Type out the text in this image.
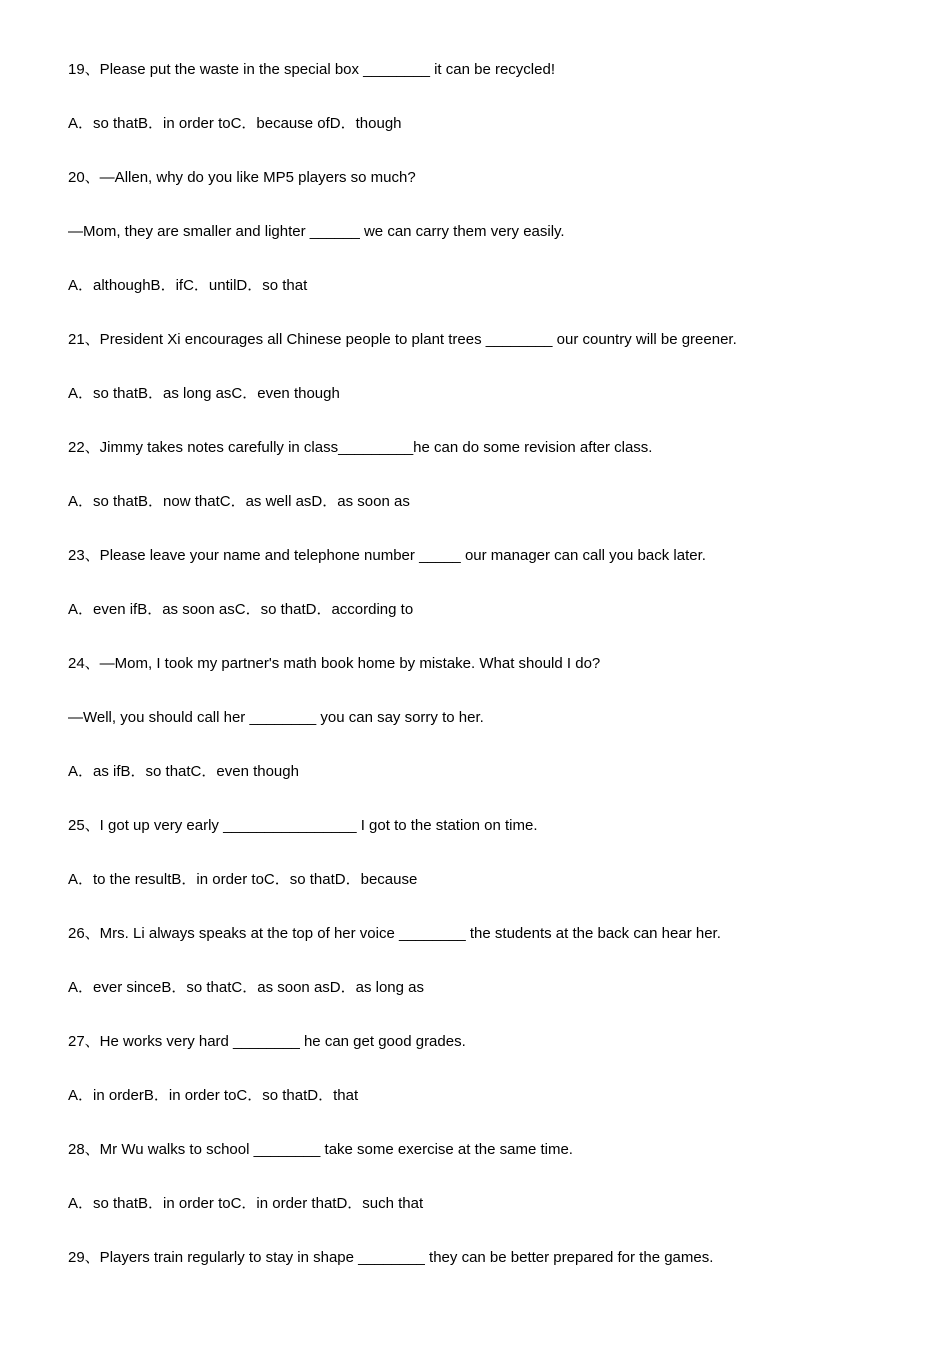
19、Please put the waste in the special box ________ it can be recycled!
A．so thatB．in order toC．because ofD．though
20、—Allen, why do you like MP5 players so much?
—Mom, they are smaller and lighter ______ we can carry them very easily.
A．althoughB．ifC．untilD．so that
21、President Xi encourages all Chinese people to plant trees ________ our country will be greener.
A．so thatB．as long asC．even though
22、Jimmy takes notes carefully in class_________he can do some revision after class.
A．so thatB．now thatC．as well asD．as soon as
23、Please leave your name and telephone number _____ our manager can call you back later.
A．even ifB．as soon asC．so thatD．according to
24、—Mom, I took my partner's math book home by mistake. What should I do?
—Well, you should call her ________ you can say sorry to her.
A．as ifB．so thatC．even though
25、I got up very early ________________ I got to the station on time.
A．to the resultB．in order toC．so thatD．because
26、Mrs. Li always speaks at the top of her voice ________ the students at the back can hear her.
A．ever sinceB．so thatC．as soon asD．as long as
27、He works very hard ________ he can get good grades.
A．in orderB．in order toC．so thatD．that
28、Mr Wu walks to school ________ take some exercise at the same time.
A．so thatB．in order toC．in order thatD．such that
29、Players train regularly to stay in shape ________ they can be better prepared for the games.
